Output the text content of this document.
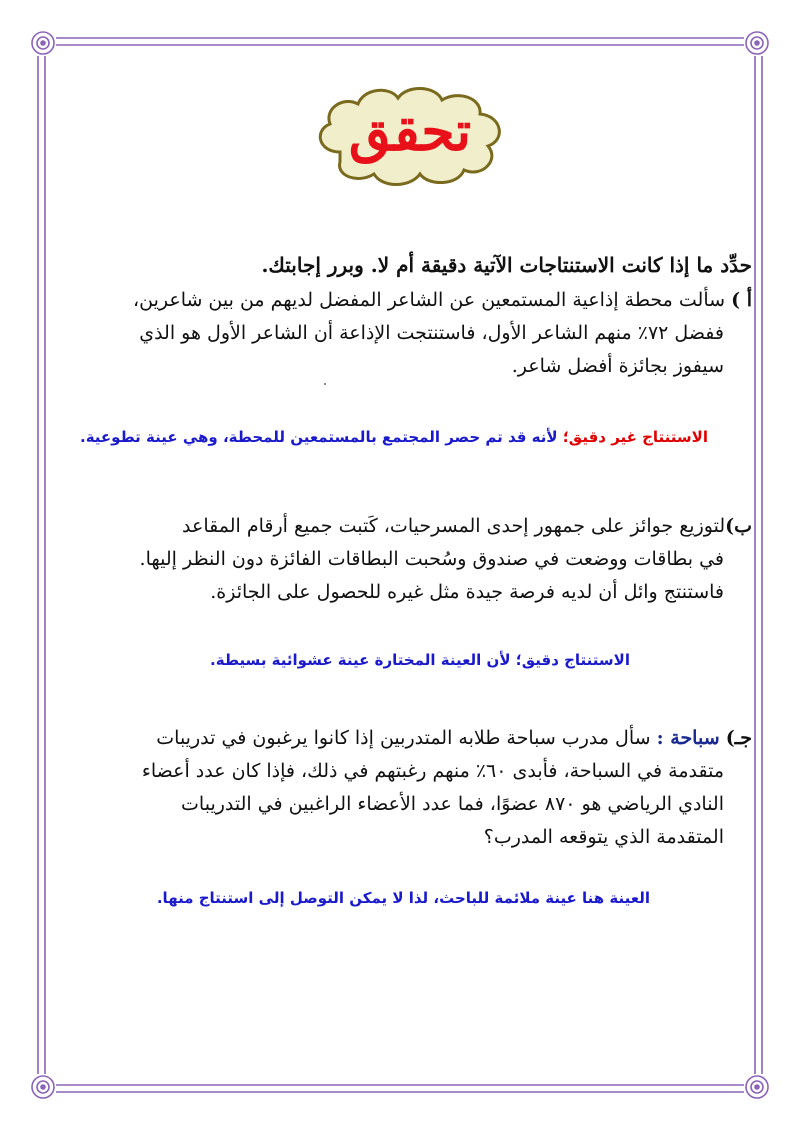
تحقق
حدِّد ما إذا كانت الاستنتاجات الآتية دقيقة أم لا. وبرر إجابتك.
أ ) سألت محطة إذاعية المستمعين عن الشاعر المفضل لديهم من بين شاعرين،
ففضل ٧٢٪ منهم الشاعر الأول، فاستنتجت الإذاعة أن الشاعر الأول هو الذي
سيفوز بجائزة أفضل شاعر.
الاستنتاج غير دقيق؛ لأنه قد تم حصر المجتمع بالمستمعين للمحطة، وهي عينة تطوعية.
ب)لتوزيع جوائز على جمهور إحدى المسرحيات، كَتبت جميع أرقام المقاعد
في بطاقات ووضعت في صندوق وسُحبت البطاقات الفائزة دون النظر إليها.
فاستنتج وائل أن لديه فرصة جيدة مثل غيره للحصول على الجائزة.
الاستنتاج دقيق؛ لأن العينة المختارة عينة عشوائية بسيطة.
جـ) سباحة : سأل مدرب سباحة طلابه المتدربين إذا كانوا يرغبون في تدريبات
متقدمة في السباحة، فأبدى ٦٠٪ منهم رغبتهم في ذلك، فإذا كان عدد أعضاء
النادي الرياضي هو ٨٧٠ عضوًا، فما عدد الأعضاء الراغبين في التدريبات
المتقدمة الذي يتوقعه المدرب؟
العينة هنا عينة ملائمة للباحث، لذا لا يمكن التوصل إلى استنتاج منها.
